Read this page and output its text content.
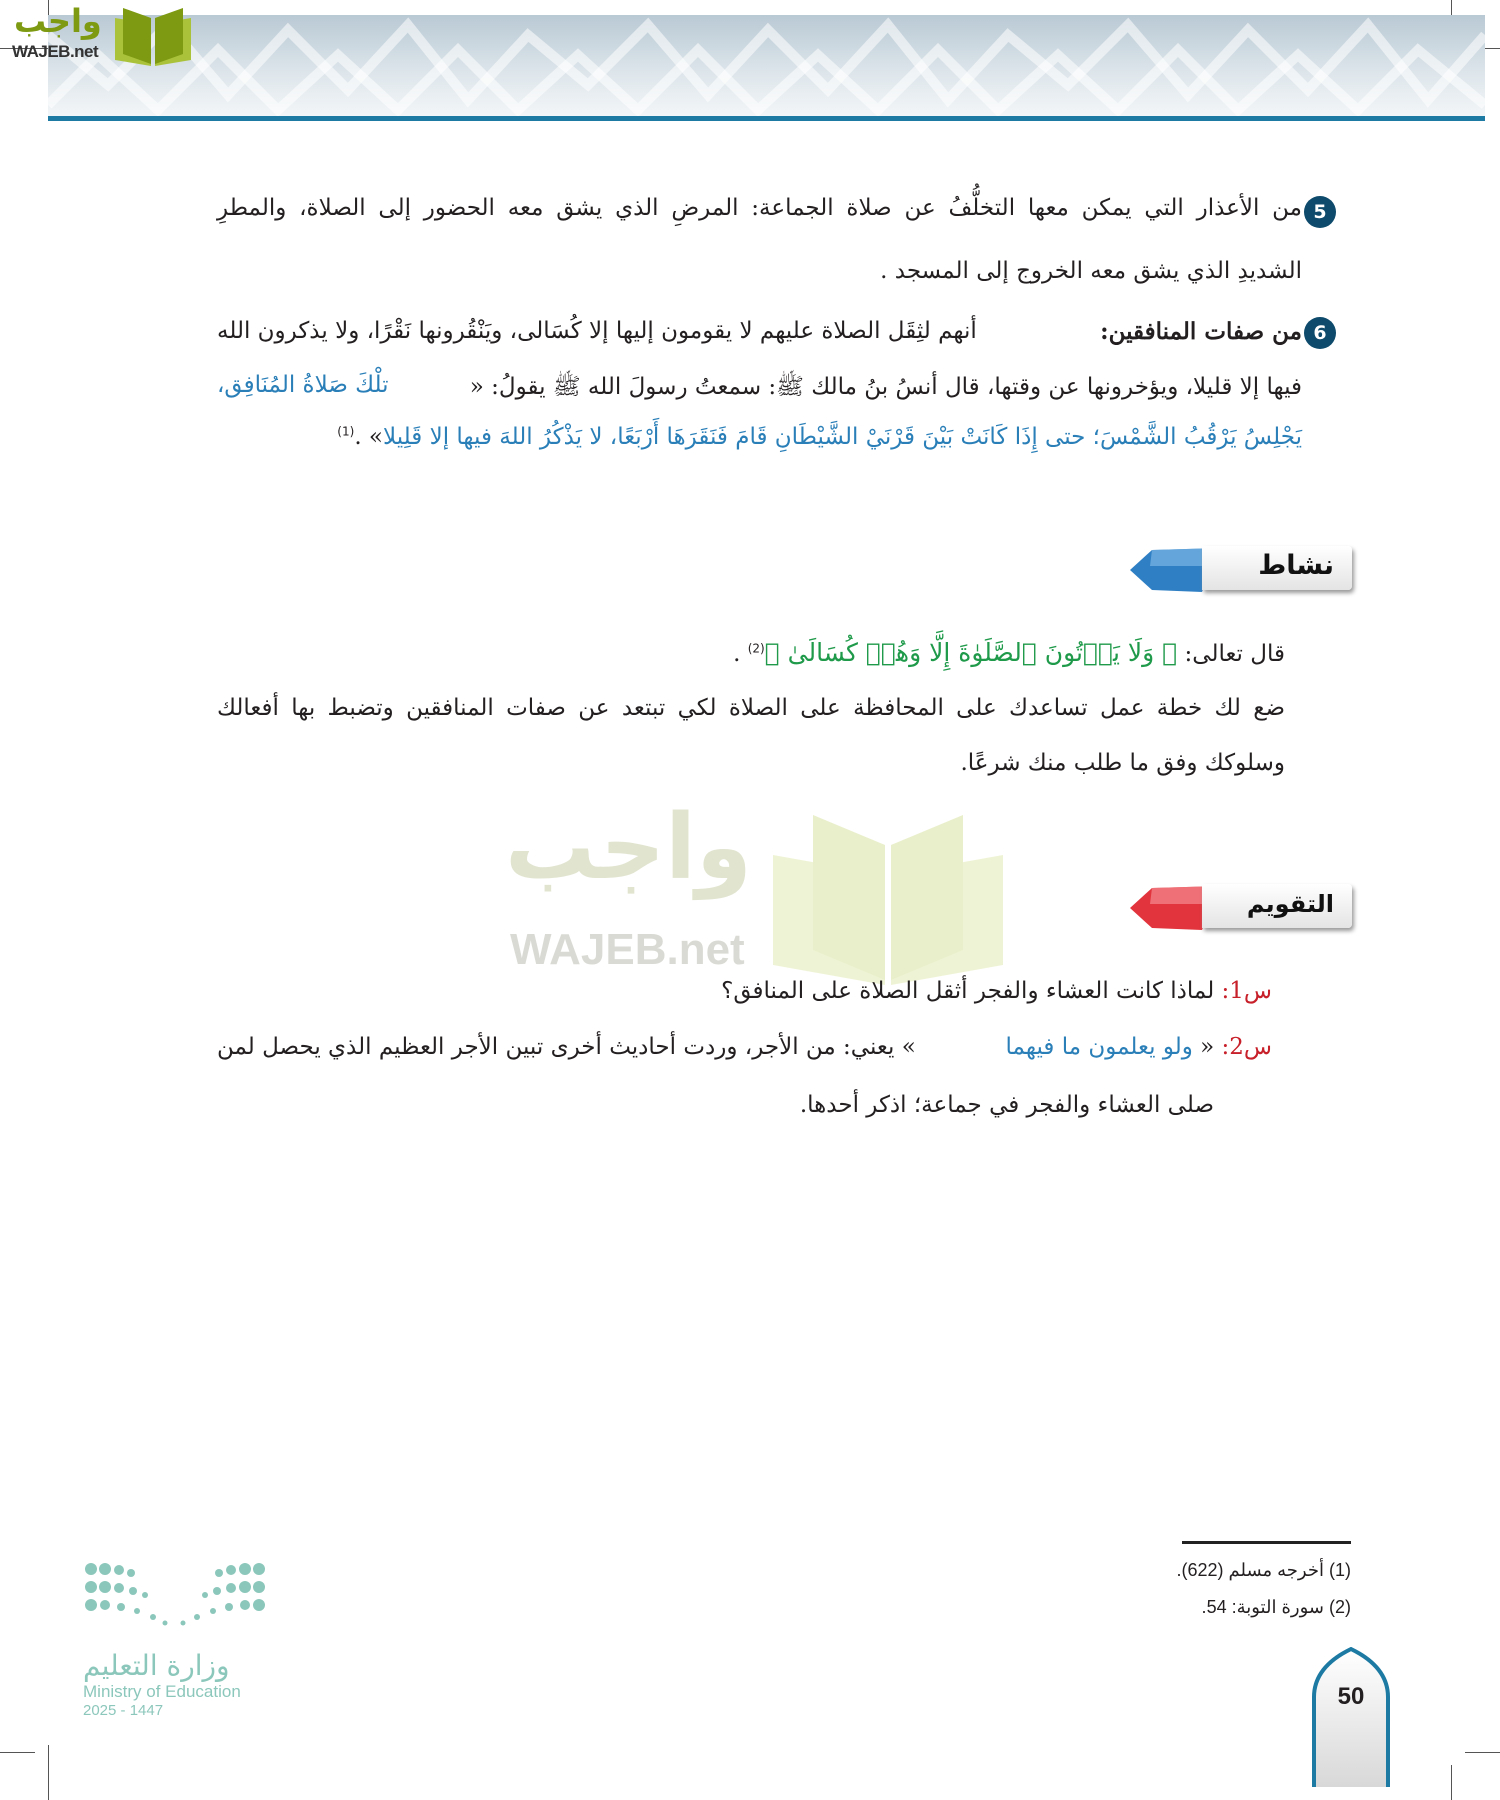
واجب
WAJEB.net
5
من الأعذار التي يمكن معها التخلُّفُ عن صلاة الجماعة: المرضِ الذي يشق معه الحضور إلى الصلاة، والمطرِ
الشديدِ الذي يشق معه الخروج إلى المسجد .
6
من صفات المنافقين:
أنهم لثِقَل الصلاة عليهم لا يقومون إليها إلا كُسَالى، ويَنْقُرونها نَقْرًا، ولا يذكرون الله
فيها إلا قليلا، ويؤخرونها عن وقتها، قال أنسُ بنُ مالك ﷺ: سمعتُ رسولَ الله ﷺ يقولُ: «
تلْكَ صَلاةُ المُنَافِق،
يَجْلِسُ يَرْقُبُ الشَّمْسَ؛ حتى إِذَا كَانَتْ بَيْنَ قَرْنَيْ الشَّيْطَانِ قَامَ فَنَقَرَهَا أَرْبَعًا، لا يَذْكُرُ اللهَ فيها إلا قَلِيلا» .$^{(1)}$
نشاط
قال تعالى: ﴿ وَلَا يَأۡتُونَ ٱلصَّلَوٰةَ إِلَّا وَهُمۡ كُسَالَىٰ ﴾$^{(2)}$ .
ضع لك خطة عمل تساعدك على المحافظة على الصلاة لكي تبتعد عن صفات المنافقين وتضبط بها أفعالك
وسلوكك وفق ما طلب منك شرعًا.
واجب
WAJEB.net
التقويم
س1: لماذا كانت العشاء والفجر أثقل الصلاة على المنافق؟
س2: « ولو يعلمون ما فيهما
» يعني: من الأجر، وردت أحاديث أخرى تبين الأجر العظيم الذي يحصل لمن
صلى العشاء والفجر في جماعة؛ اذكر أحدها.
(1) أخرجه مسلم (622).
(2) سورة التوبة: 54.
وزارة التعليم
Ministry of Education
2025 - 1447
50
